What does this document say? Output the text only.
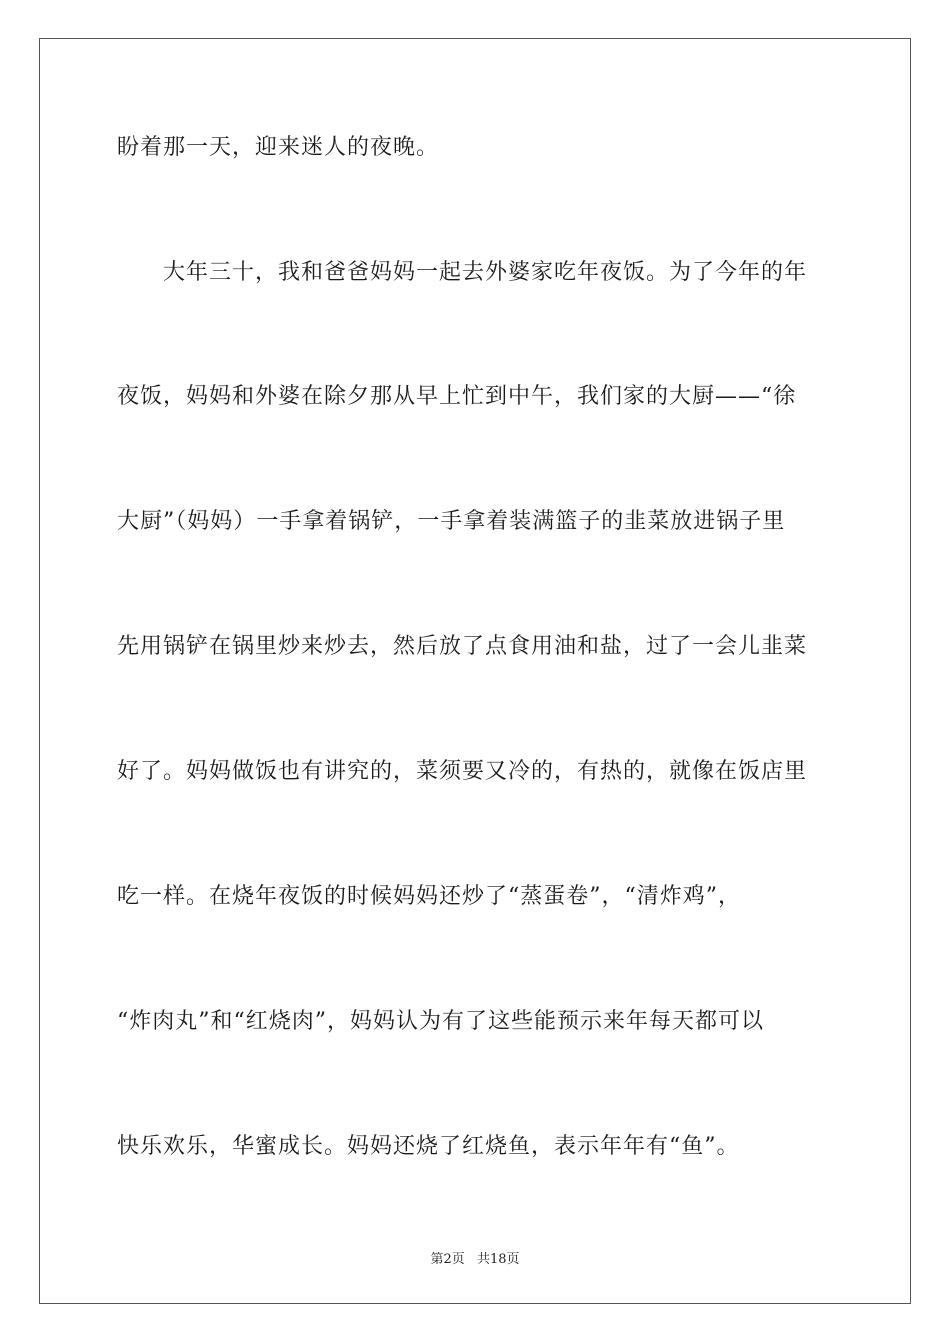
盼着那一天，迎来迷人的夜晚。
大年三十，我和爸爸妈妈一起去外婆家吃年夜饭。为了今年的年
夜饭，妈妈和外婆在除夕那从早上忙到中午，我们家的大厨——“徐
大厨”（妈妈）一手拿着锅铲，一手拿着装满篮子的韭菜放进锅子里
先用锅铲在锅里炒来炒去，然后放了点食用油和盐，过了一会儿韭菜
好了。妈妈做饭也有讲究的，菜须要又冷的，有热的，就像在饭店里
吃一样。在烧年夜饭的时候妈妈还炒了“蒸蛋卷”，“清炸鸡”，
“炸肉丸”和“红烧肉”，妈妈认为有了这些能预示来年每天都可以
快乐欢乐，华蜜成长。妈妈还烧了红烧鱼，表示年年有“鱼”。
第2页 共18页
